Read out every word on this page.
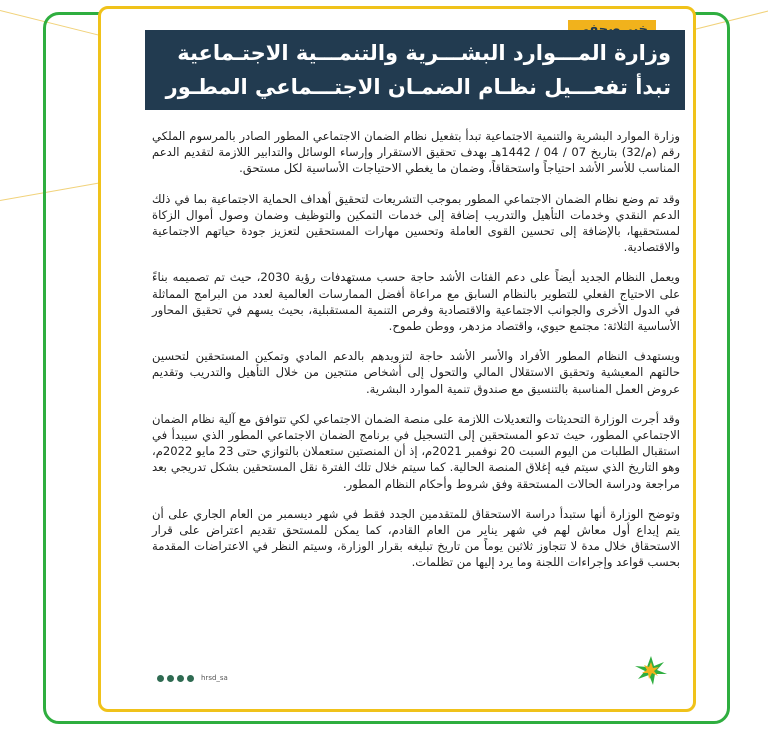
وزارة المـــوارد البشـــرية والتنمـــية الاجتـماعية
تبدأ تفعـــيل نظـام الضمـان الاجتـــماعي المطـور

وزارة الموارد البشرية والتنمية الاجتماعية تبدأ بتفعيل نظام الضمان الاجتماعي المطور الصادر بالمرسوم الملكي رقم (م/32) بتاريخ 07 / 04 / 1442هـ بهدف تحقيق الاستقرار وإرساء الوسائل والتدابير اللازمة لتقديم الدعم المناسب للأسر الأشد احتياجاً واستحقاقاً، وضمان ما يغطي الاحتياجات الأساسية لكل مستحق.

وقد تم وضع نظام الضمان الاجتماعي المطور بموجب التشريعات لتحقيق أهداف الحماية الاجتماعية بما في ذلك الدعم النقدي وخدمات التأهيل والتدريب إضافة إلى خدمات التمكين والتوظيف وضمان وصول أموال الزكاة لمستحقيها، بالإضافة إلى تحسين القوى العاملة وتحسين مهارات المستحقين لتعزيز جودة حياتهم الاجتماعية والاقتصادية.

ويعمل النظام الجديد أيضاً على دعم الفئات الأشد حاجة حسب مستهدفات رؤية 2030، حيث تم تصميمه بناءً على الاحتياج الفعلي للتطوير بالنظام السابق مع مراعاة أفضل الممارسات العالمية لعدد من البرامج المماثلة في الدول الأخرى والجوانب الاجتماعية والاقتصادية وفرص التنمية المستقبلية، بحيث يسهم في تحقيق المحاور الأساسية الثلاثة: مجتمع حيوي، واقتصاد مزدهر، ووطن طموح.

ويستهدف النظام المطور الأفراد والأسر الأشد حاجة لتزويدهم بالدعم المادي وتمكين المستحقين لتحسين حالتهم المعيشية وتحقيق الاستقلال المالي والتحول إلى أشخاص منتجين من خلال التأهيل والتدريب وتقديم عروض العمل المناسبة بالتنسيق مع صندوق تنمية الموارد البشرية.

وقد أجرت الوزارة التحديثات والتعديلات اللازمة على منصة الضمان الاجتماعي لكي تتوافق مع آلية نظام الضمان الاجتماعي المطور، حيث تدعو المستحقين إلى التسجيل في برنامج الضمان الاجتماعي المطور الذي سيبدأ في استقبال الطلبات من اليوم السبت 20 نوفمبر 2021م، إذ أن المنصتين ستعملان بالتوازي حتى 23 مايو 2022م، وهو التاريخ الذي سيتم فيه إغلاق المنصة الحالية. كما سيتم خلال تلك الفترة نقل المستحقين بشكل تدريجي بعد مراجعة ودراسة الحالات المستحقة وفق شروط وأحكام النظام المطور.

وتوضح الوزارة أنها ستبدأ دراسة الاستحقاق للمتقدمين الجدد فقط في شهر ديسمبر من العام الجاري على أن يتم إيداع أول معاش لهم في شهر يناير من العام القادم، كما يمكن للمستحق تقديم اعتراض على قرار الاستحقاق خلال مدة لا تتجاوز ثلاثين يوماً من تاريخ تبليغه بقرار الوزارة، وسيتم النظر في الاعتراضات المقدمة بحسب قواعد وإجراءات اللجنة وما يرد إليها من تظلمات.

hrsd_sa
